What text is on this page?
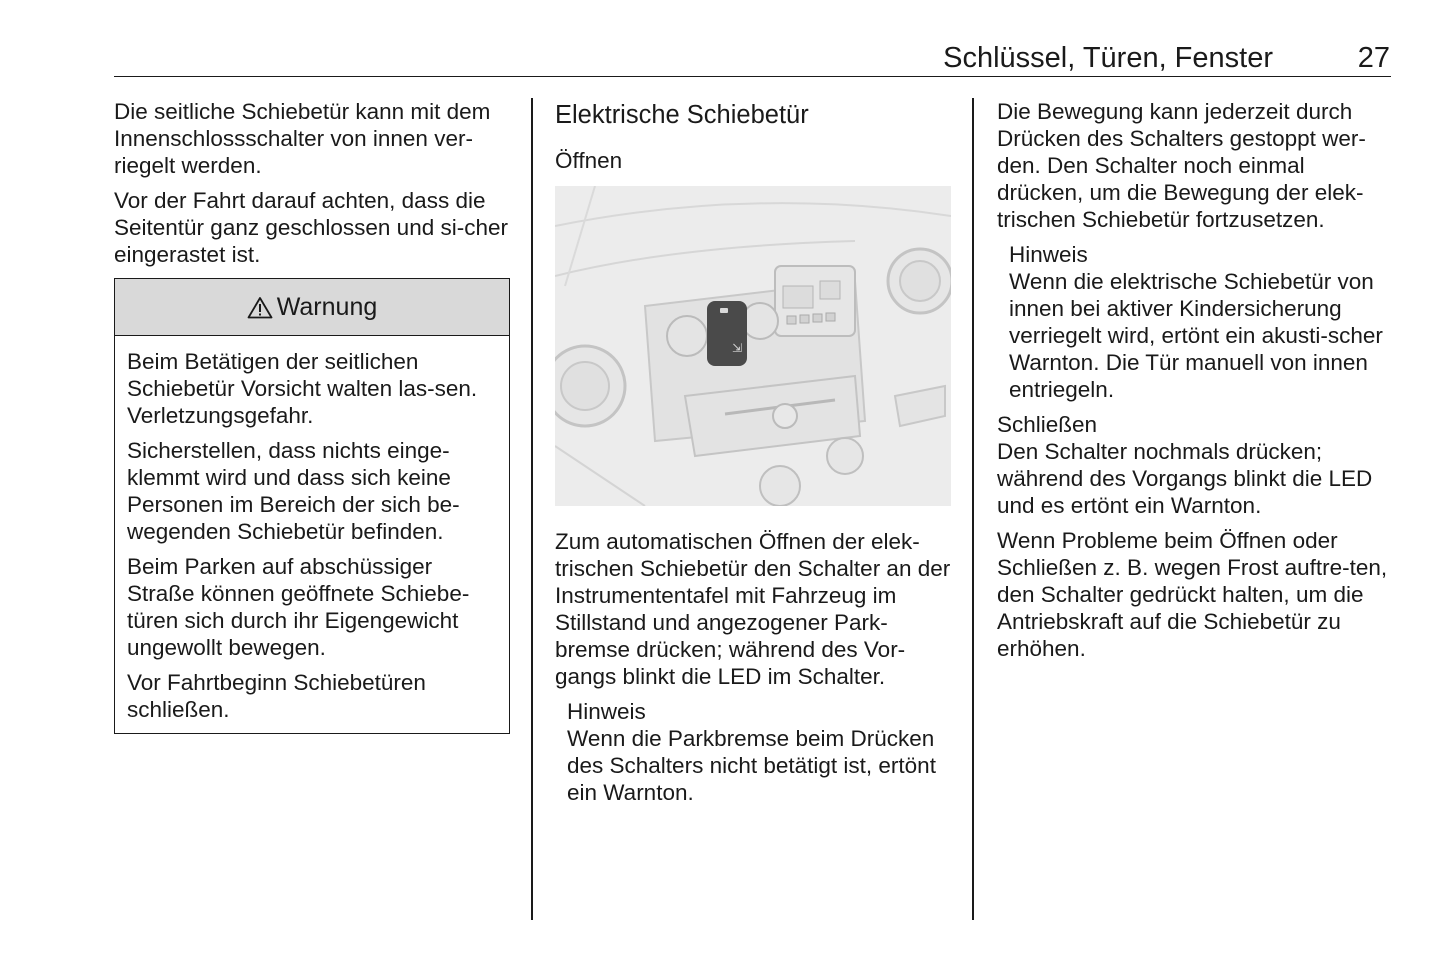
Schlüssel, Türen, Fenster	27

Die seitliche Schiebetür kann mit dem Innenschlossschalter von innen ver-riegelt werden.

Vor der Fahrt darauf achten, dass die Seitentür ganz geschlossen und si-cher eingerastet ist.

Warnung

Beim Betätigen der seitlichen Schiebetür Vorsicht walten las-sen. Verletzungsgefahr.

Sicherstellen, dass nichts einge-klemmt wird und dass sich keine Personen im Bereich der sich be-wegenden Schiebetür befinden.

Beim Parken auf abschüssiger Straße können geöffnete Schiebe-türen sich durch ihr Eigengewicht ungewollt bewegen.

Vor Fahrtbeginn Schiebetüren schließen.

Elektrische Schiebetür
Öffnen
⇲

Zum automatischen Öffnen der elek-trischen Schiebetür den Schalter an der Instrumententafel mit Fahrzeug im Stillstand und angezogener Park-bremse drücken; während des Vor-gangs blinkt die LED im Schalter.

Hinweis
Wenn die Parkbremse beim Drücken des Schalters nicht betätigt ist, ertönt ein Warnton.

Die Bewegung kann jederzeit durch Drücken des Schalters gestoppt wer-den. Den Schalter noch einmal drücken, um die Bewegung der elek-trischen Schiebetür fortzusetzen.

Hinweis
Wenn die elektrische Schiebetür von innen bei aktiver Kindersicherung verriegelt wird, ertönt ein akusti-scher Warnton. Die Tür manuell von innen entriegeln.
Schließen

Den Schalter nochmals drücken; während des Vorgangs blinkt die LED und es ertönt ein Warnton.

Wenn Probleme beim Öffnen oder Schließen z. B. wegen Frost auftre-ten, den Schalter gedrückt halten, um die Antriebskraft auf die Schiebetür zu erhöhen.
